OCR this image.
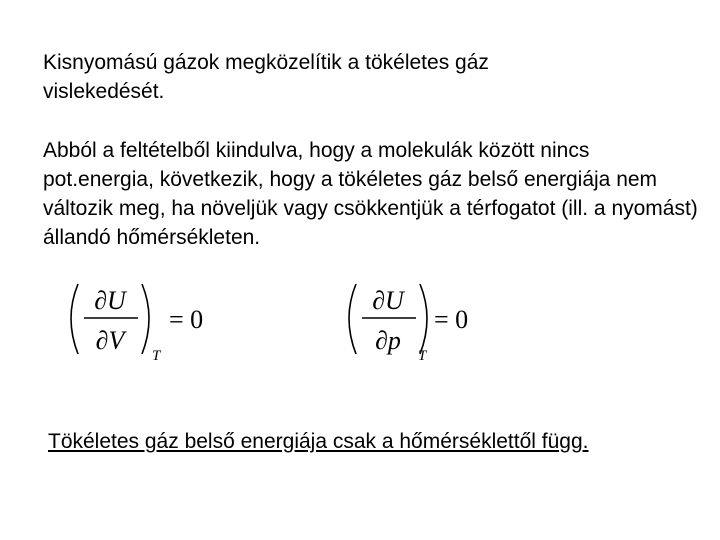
Kisnyomású gázok megközelítik a tökéletes gáz vislekedését.

Abból a feltételből kiindulva, hogy a molekulák között nincs pot.energia, következik, hogy a tökéletes gáz belső energiája nem változik meg, ha növeljük vagy csökkentjük a térfogatot (ill. a nyomást) állandó hőmérsékleten.

∂U
∂V
T
= 0
∂U
∂p
T
= 0

Tökéletes gáz belső energiája csak a hőmérséklettől függ.
